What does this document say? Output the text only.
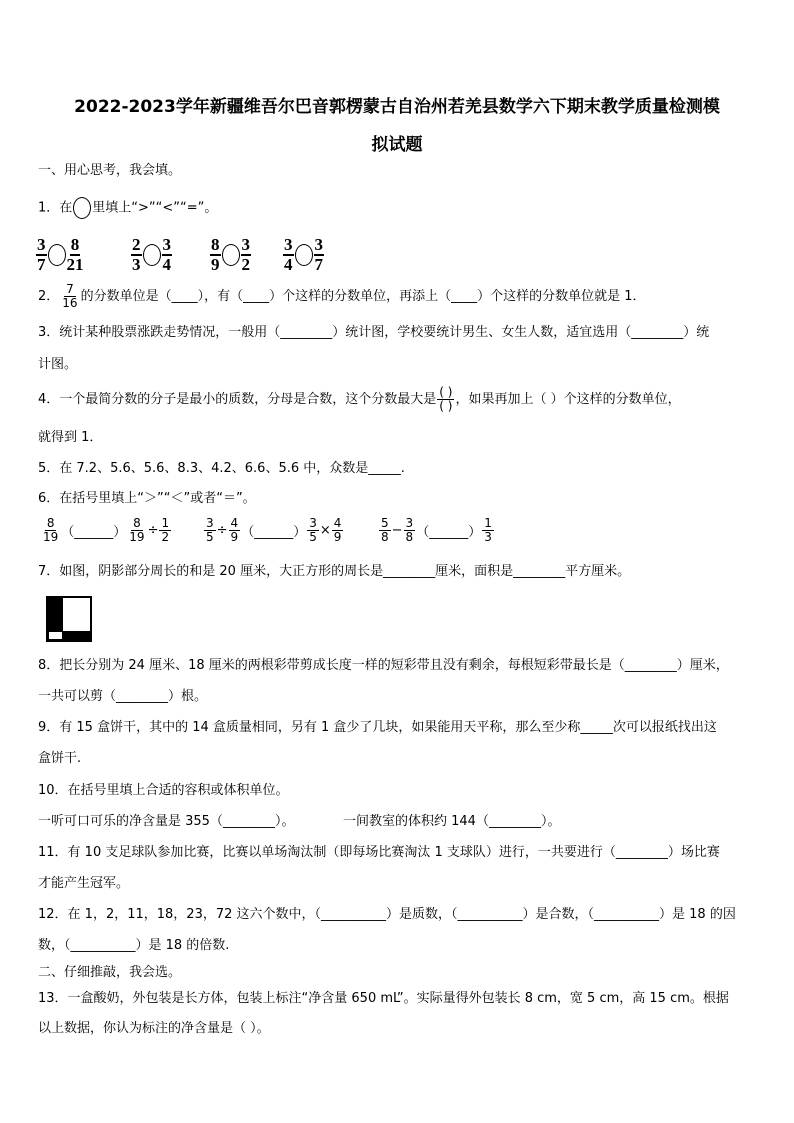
2022-2023学年新疆维吾尔巴音郭楞蒙古自治州若羌县数学六下期末教学质量检测模
拟试题
一、用心思考，我会填。
1．在 里填上“>”“<”“=”。
3
7
8
21
2
3
3
4
8
9
3
2
3
4
3
7
2． $\frac{7}{16}$ 的分数单位是（____），有（____）个这样的分数单位，再添上（____）个这样的分数单位就是 1．
3．统计某种股票涨跌走势情况，一般用（________）统计图，学校要统计男生、女生人数，适宜选用（________）统
计图。
4．一个最简分数的分子是最小的质数，分母是合数，这个分数最大是 $\frac{( )}{( )}$ ，如果再加上（ ）个这样的分数单位，
就得到 1．
5．在 7.2、5.6、5.6、8.3、4.2、6.6、5.6 中，众数是_____.
6．在括号里填上“＞”“＜”或者“＝”。
$\frac{8}{19}$ （______） $\frac{8}{19} \div \frac{1}{2}$	$\frac{3}{5} \div \frac{4}{9}$ （______） $\frac{3}{5} \times \frac{4}{9}$	$\frac{5}{8} - \frac{3}{8}$ （______） $\frac{1}{3}$
7．如图，阴影部分周长的和是 20 厘米，大正方形的周长是________厘米，面积是________平方厘米。
8．把长分别为 24 厘米、18 厘米的两根彩带剪成长度一样的短彩带且没有剩余，每根短彩带最长是（________）厘米，
一共可以剪（________）根。
9．有 15 盒饼干，其中的 14 盒质量相同，另有 1 盒少了几块，如果能用天平称，那么至少称_____次可以报纸找出这
盒饼干.
10．在括号里填上合适的容积或体积单位。
一听可口可乐的净含量是 355（________）。	一间教室的体积约 144（________）。
11．有 10 支足球队参加比赛，比赛以单场淘汰制（即每场比赛淘汰 1 支球队）进行，一共要进行（________）场比赛
才能产生冠军。
12．在 1，2，11，18，23，72 这六个数中，（__________）是质数，（__________）是合数，（__________）是 18 的因
数，（__________）是 18 的倍数.
二、仔细推敲，我会选。
13．一盒酸奶，外包装是长方体，包装上标注“净含量 650 mL”。实际量得外包装长 8 cm，宽 5 cm，高 15 cm。根据
以上数据，你认为标注的净含量是（ ）。
